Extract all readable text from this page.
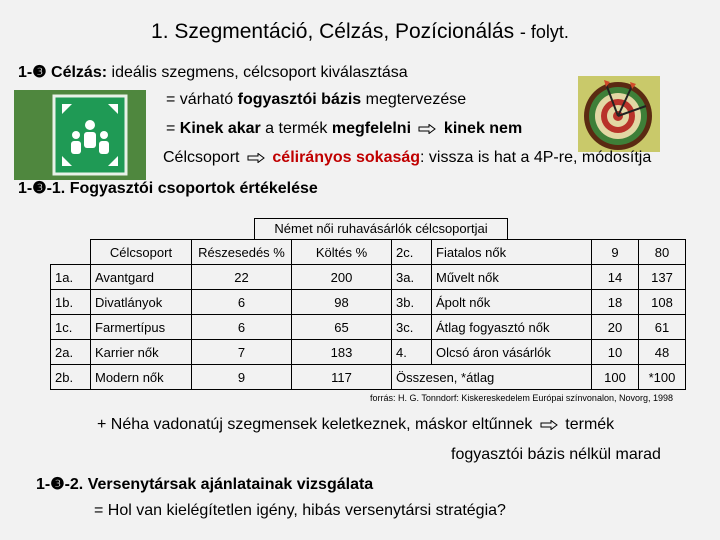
1. Szegmentáció, Célzás, Pozícionálás - folyt.
1-❸ Célzás: ideális szegmens, célcsoport kiválasztása
= várható fogyasztói bázis megtervezése
= Kinek akar a termék megfelelni kinek nem
Célcsoport célirányos sokaság: vissza is hat a 4P-re, módosítja
1-❸-1. Fogyasztói csoportok értékelése
Német női ruhavásárlók célcsoportjai
	Célcsoport	Részesedés %	Költés %	2c.	Fiatalos nők	9	80
1a.	Avantgard	22	200	3a.	Művelt nők	14	137
1b.	Divatlányok	6	98	3b.	Ápolt nők	18	108
1c.	Farmertípus	6	65	3c.	Átlag fogyasztó nők	20	61
2a.	Karrier nők	7	183	4.	Olcsó áron vásárlók	10	48
2b.	Modern nők	9	117	Összesen, *átlag		100	*100
forrás: H. G. Tonndorf: Kiskereskedelem Európai színvonalon, Novorg, 1998
+ Néha vadonatúj szegmensek keletkeznek, máskor eltűnnek termék
fogyasztói bázis nélkül marad
1-❸-2. Versenytársak ajánlatainak vizsgálata
= Hol van kielégítetlen igény, hibás versenytársi stratégia?
